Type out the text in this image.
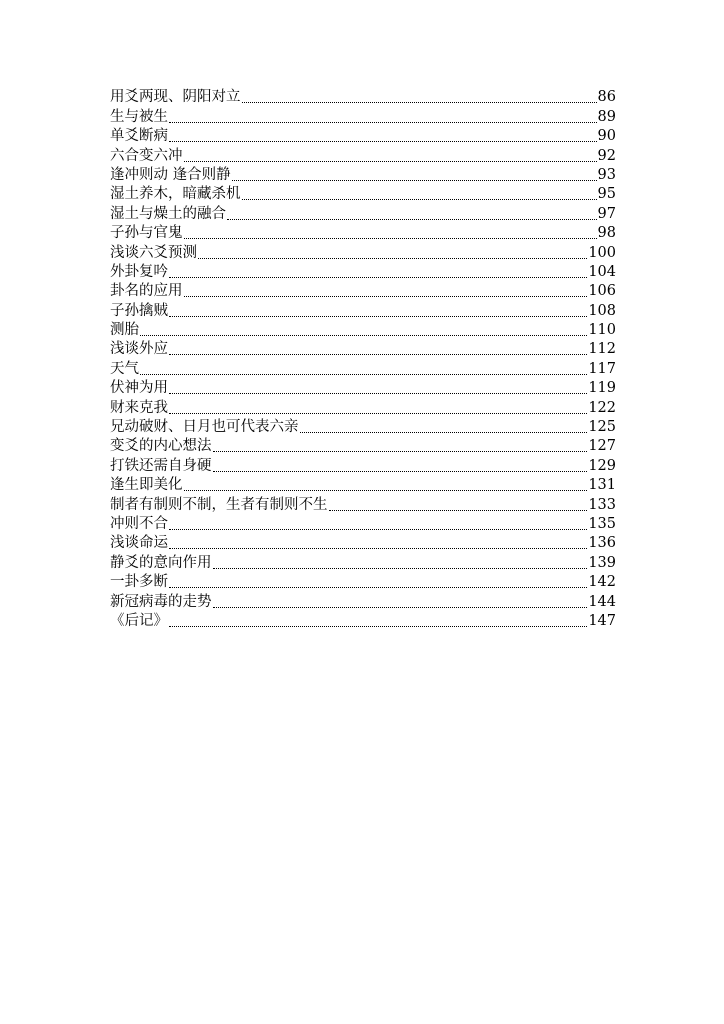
用爻两现、阴阳对立	86
生与被生	89
单爻断病	90
六合变六冲	92
逢冲则动 逢合则静	93
湿土养木，暗藏杀机	95
湿土与燥土的融合	97
子孙与官鬼	98
浅谈六爻预测	100
外卦复吟	104
卦名的应用	106
子孙擒贼	108
测胎	110
浅谈外应	112
天气	117
伏神为用	119
财来克我	122
兄动破财、日月也可代表六亲	125
变爻的内心想法	127
打铁还需自身硬	129
逢生即美化	131
制者有制则不制，生者有制则不生	133
冲则不合	135
浅谈命运	136
静爻的意向作用	139
一卦多断	142
新冠病毒的走势	144
《后记》	147
